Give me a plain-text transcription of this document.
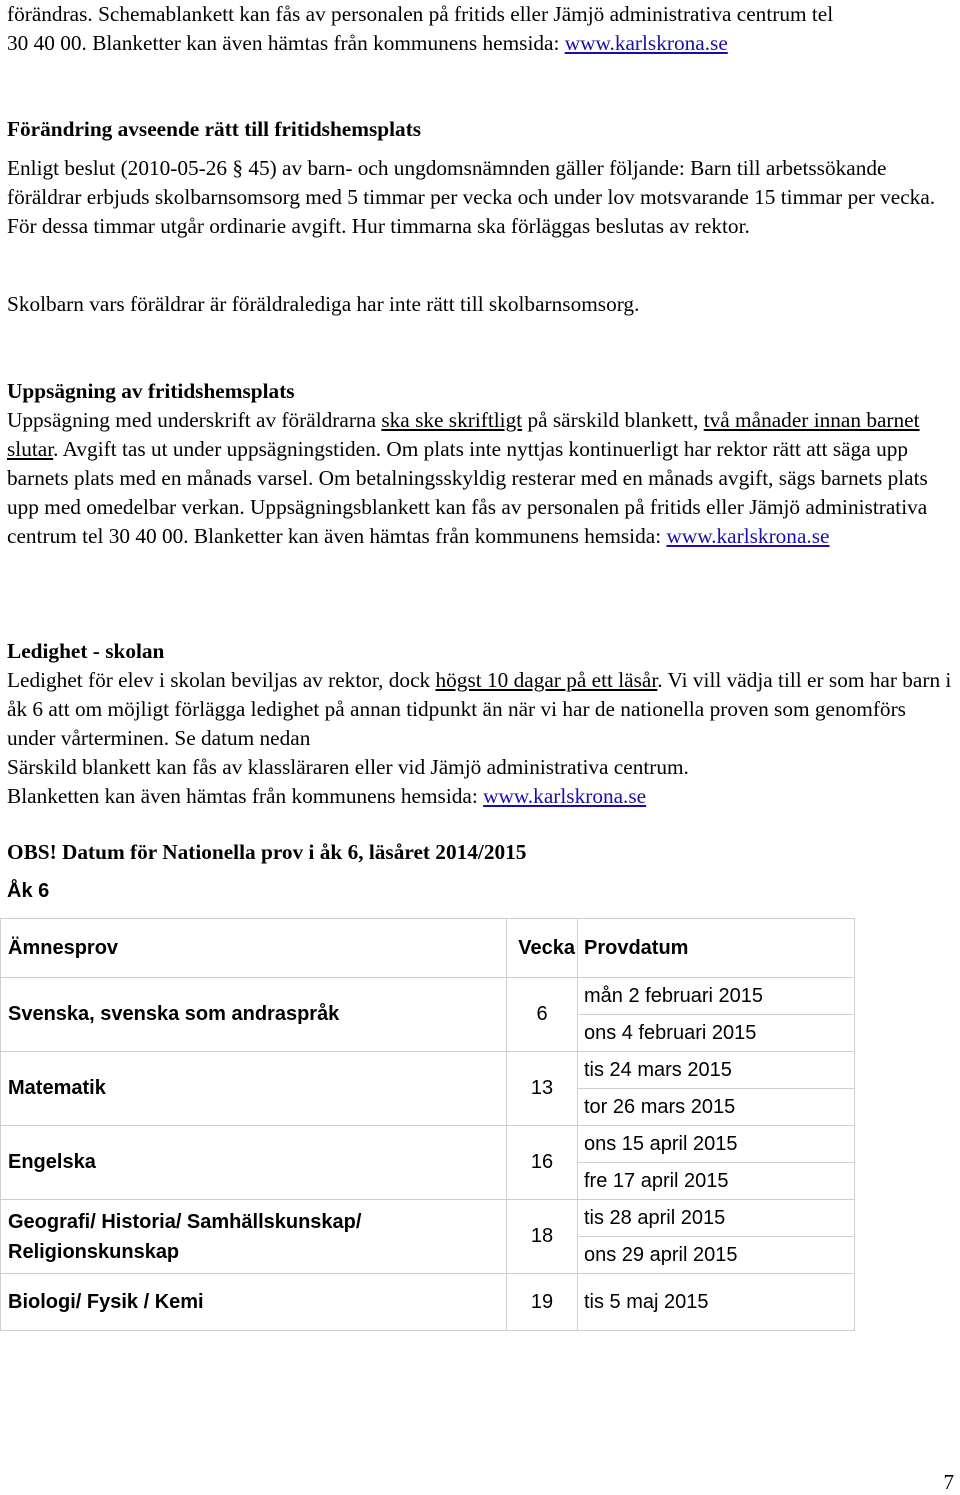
förändras. Schemablankett kan fås av personalen på fritids eller Jämjö administrativa centrum tel
30 40 00. Blanketter kan även hämtas från kommunens hemsida: www.karlskrona.se

Förändring avseende rätt till fritidshemsplats

Enligt beslut (2010-05-26 § 45) av barn- och ungdomsnämnden gäller följande: Barn till arbetssökande föräldrar erbjuds skolbarnsomsorg med 5 timmar per vecka och under lov motsvarande 15 timmar per vecka. För dessa timmar utgår ordinarie avgift. Hur timmarna ska förläggas beslutas av rektor.

Skolbarn vars föräldrar är föräldralediga har inte rätt till skolbarnsomsorg.

Uppsägning av fritidshemsplats

Uppsägning med underskrift av föräldrarna ska ske skriftligt på särskild blankett, två månader innan barnet slutar. Avgift tas ut under uppsägningstiden. Om plats inte nyttjas kontinuerligt har rektor rätt att säga upp barnets plats med en månads varsel. Om betalningsskyldig resterar med en månads avgift, sägs barnets plats upp med omedelbar verkan. Uppsägningsblankett kan fås av personalen på fritids eller Jämjö administrativa centrum tel 30 40 00. Blanketter kan även hämtas från kommunens hemsida: www.karlskrona.se

Ledighet - skolan

Ledighet för elev i skolan beviljas av rektor, dock högst 10 dagar på ett läsår. Vi vill vädja till er som har barn i åk 6 att om möjligt förlägga ledighet på annan tidpunkt än när vi har de nationella proven som genomförs under vårterminen. Se datum nedan
Särskild blankett kan fås av klassläraren eller vid Jämjö administrativa centrum.
Blanketten kan även hämtas från kommunens hemsida: www.karlskrona.se

OBS! Datum för Nationella prov i åk 6, läsåret 2014/2015
Åk 6
Ämnesprov	Vecka	Provdatum
Svenska, svenska som andraspråk	6	mån 2 februari 2015
		ons 4 februari 2015
Matematik	13	tis 24 mars 2015
		tor 26 mars 2015
Engelska	16	ons 15 april 2015
		fre 17 april 2015
Geografi/ Historia/ Samhällskunskap/
Religionskunskap	18	tis 28 april 2015
		ons 29 april 2015
Biologi/ Fysik / Kemi	19	tis 5 maj 2015
7
